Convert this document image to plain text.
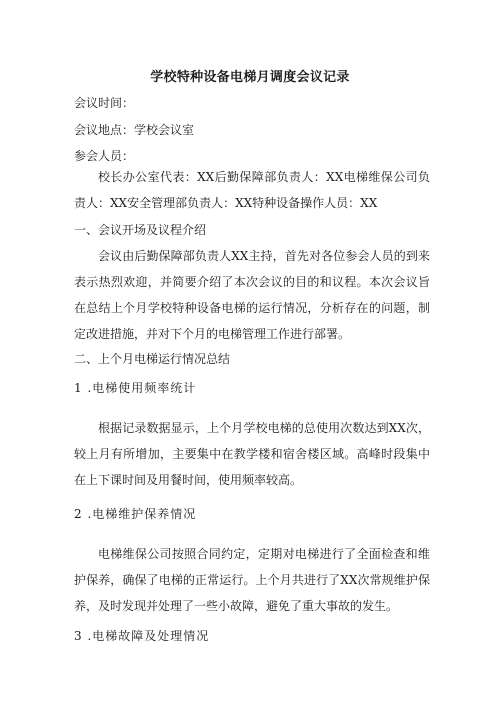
学校特种设备电梯月调度会议记录
会议时间：
会议地点：学校会议室
参会人员：
校长办公室代表：XX后勤保障部负责人：XX电梯维保公司负责人：XX安全管理部负责人：XX特种设备操作人员：XX
一、会议开场及议程介绍
会议由后勤保障部负责人XX主持，首先对各位参会人员的到来表示热烈欢迎，并简要介绍了本次会议的目的和议程。本次会议旨在总结上个月学校特种设备电梯的运行情况，分析存在的问题，制定改进措施，并对下个月的电梯管理工作进行部署。
二、上个月电梯运行情况总结
1 .电梯使用频率统计
根据记录数据显示，上个月学校电梯的总使用次数达到XX次，较上月有所增加，主要集中在教学楼和宿舍楼区域。高峰时段集中在上下课时间及用餐时间，使用频率较高。
2 .电梯维护保养情况
电梯维保公司按照合同约定，定期对电梯进行了全面检查和维护保养，确保了电梯的正常运行。上个月共进行了XX次常规维护保养，及时发现并处理了一些小故障，避免了重大事故的发生。
3 .电梯故障及处理情况
